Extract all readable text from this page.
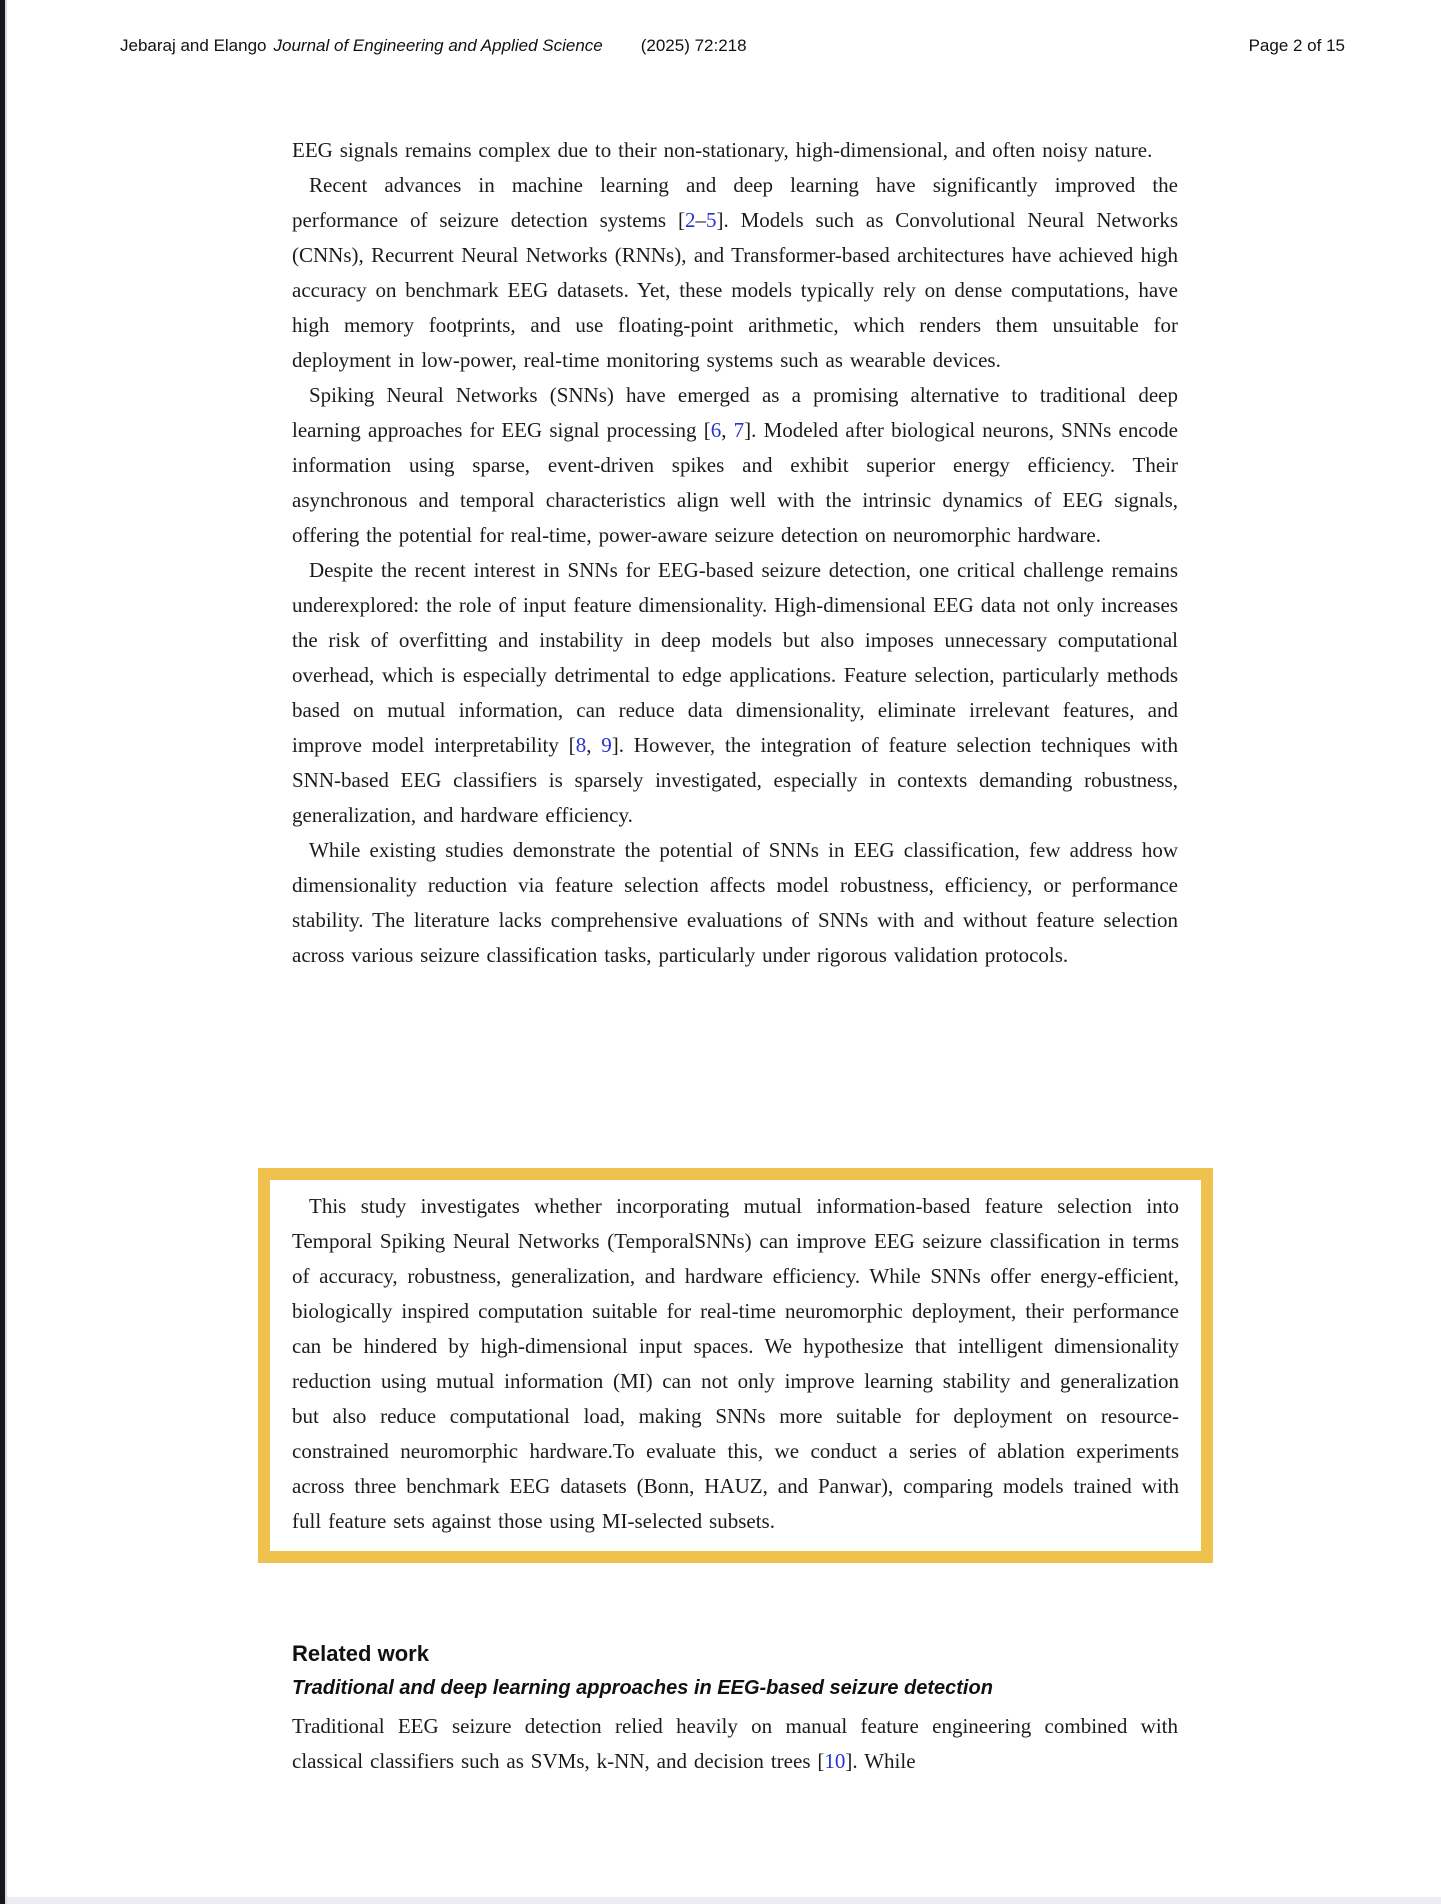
Jebaraj and Elango Journal of Engineering and Applied Science (2025) 72:218	Page 2 of 15

EEG signals remains complex due to their non-stationary, high-dimensional, and often noisy nature.

Recent advances in machine learning and deep learning have significantly improved the performance of seizure detection systems [2–5]. Models such as Convolutional Neural Networks (CNNs), Recurrent Neural Networks (RNNs), and Transformer-based architectures have achieved high accuracy on benchmark EEG datasets. Yet, these models typically rely on dense computations, have high memory footprints, and use floating-point arithmetic, which renders them unsuitable for deployment in low-power, real-time monitoring systems such as wearable devices.

Spiking Neural Networks (SNNs) have emerged as a promising alternative to traditional deep learning approaches for EEG signal processing [6, 7]. Modeled after biological neurons, SNNs encode information using sparse, event-driven spikes and exhibit superior energy efficiency. Their asynchronous and temporal characteristics align well with the intrinsic dynamics of EEG signals, offering the potential for real-time, power-aware seizure detection on neuromorphic hardware.

Despite the recent interest in SNNs for EEG-based seizure detection, one critical challenge remains underexplored: the role of input feature dimensionality. High-dimensional EEG data not only increases the risk of overfitting and instability in deep models but also imposes unnecessary computational overhead, which is especially detrimental to edge applications. Feature selection, particularly methods based on mutual information, can reduce data dimensionality, eliminate irrelevant features, and improve model interpretability [8, 9]. However, the integration of feature selection techniques with SNN-based EEG classifiers is sparsely investigated, especially in contexts demanding robustness, generalization, and hardware efficiency.

While existing studies demonstrate the potential of SNNs in EEG classification, few address how dimensionality reduction via feature selection affects model robustness, efficiency, or performance stability. The literature lacks comprehensive evaluations of SNNs with and without feature selection across various seizure classification tasks, particularly under rigorous validation protocols.

This study investigates whether incorporating mutual information-based feature selection into Temporal Spiking Neural Networks (TemporalSNNs) can improve EEG seizure classification in terms of accuracy, robustness, generalization, and hardware efficiency. While SNNs offer energy-efficient, biologically inspired computation suitable for real-time neuromorphic deployment, their performance can be hindered by high-dimensional input spaces. We hypothesize that intelligent dimensionality reduction using mutual information (MI) can not only improve learning stability and generalization but also reduce computational load, making SNNs more suitable for deployment on resource-constrained neuromorphic hardware.To evaluate this, we conduct a series of ablation experiments across three benchmark EEG datasets (Bonn, HAUZ, and Panwar), comparing models trained with full feature sets against those using MI-selected subsets.

Related work
Traditional and deep learning approaches in EEG-based seizure detection

Traditional EEG seizure detection relied heavily on manual feature engineering combined with classical classifiers such as SVMs, k-NN, and decision trees [10]. While
